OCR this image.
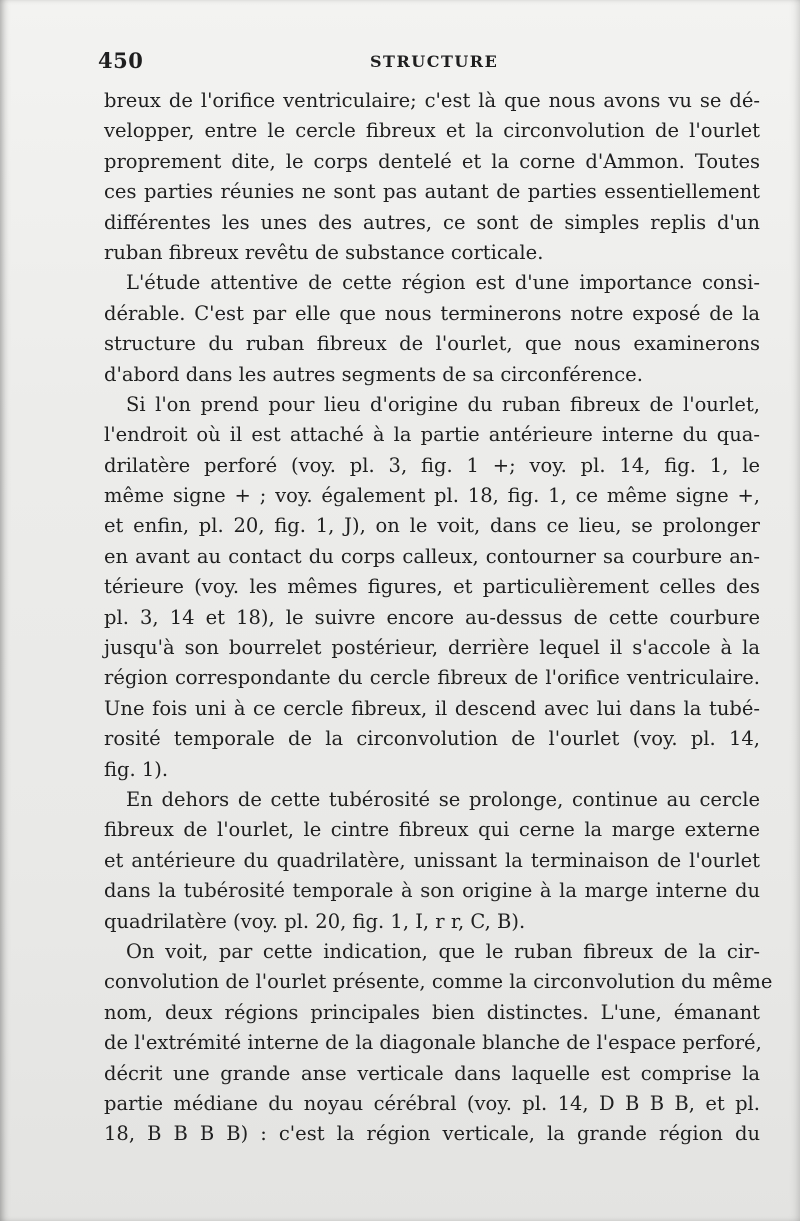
450	STRUCTURE
breux de l'orifice ventriculaire; c'est là que nous avons vu se dé-
velopper, entre le cercle fibreux et la circonvolution de l'ourlet
proprement dite, le corps dentelé et la corne d'Ammon. Toutes
ces parties réunies ne sont pas autant de parties essentiellement
différentes les unes des autres, ce sont de simples replis d'un
ruban fibreux revêtu de substance corticale.
L'étude attentive de cette région est d'une importance consi-
dérable. C'est par elle que nous terminerons notre exposé de la
structure du ruban fibreux de l'ourlet, que nous examinerons
d'abord dans les autres segments de sa circonférence.
Si l'on prend pour lieu d'origine du ruban fibreux de l'ourlet,
l'endroit où il est attaché à la partie antérieure interne du qua-
drilatère perforé (voy. pl. 3, fig. 1 +; voy. pl. 14, fig. 1, le
même signe + ; voy. également pl. 18, fig. 1, ce même signe +,
et enfin, pl. 20, fig. 1, J), on le voit, dans ce lieu, se prolonger
en avant au contact du corps calleux, contourner sa courbure an-
térieure (voy. les mêmes figures, et particulièrement celles des
pl. 3, 14 et 18), le suivre encore au-dessus de cette courbure
jusqu'à son bourrelet postérieur, derrière lequel il s'accole à la
région correspondante du cercle fibreux de l'orifice ventriculaire.
Une fois uni à ce cercle fibreux, il descend avec lui dans la tubé-
rosité temporale de la circonvolution de l'ourlet (voy. pl. 14,
fig. 1).
En dehors de cette tubérosité se prolonge, continue au cercle
fibreux de l'ourlet, le cintre fibreux qui cerne la marge externe
et antérieure du quadrilatère, unissant la terminaison de l'ourlet
dans la tubérosité temporale à son origine à la marge interne du
quadrilatère (voy. pl. 20, fig. 1, I, r r, C, B).
On voit, par cette indication, que le ruban fibreux de la cir-
convolution de l'ourlet présente, comme la circonvolution du même
nom, deux régions principales bien distinctes. L'une, émanant
de l'extrémité interne de la diagonale blanche de l'espace perforé,
décrit une grande anse verticale dans laquelle est comprise la
partie médiane du noyau cérébral (voy. pl. 14, D B B B, et pl.
18, B B B B) : c'est la région verticale, la grande région du
